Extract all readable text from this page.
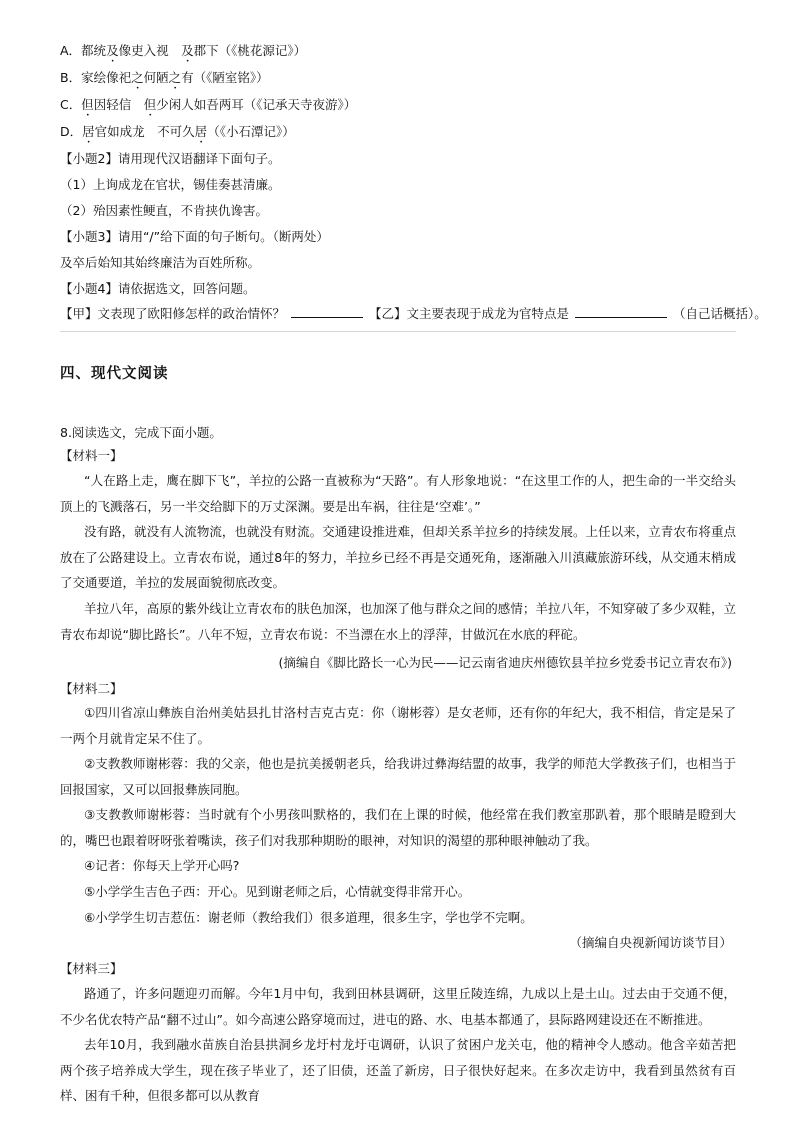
A．都统及像吏入视　及郡下（《桃花源记》）
B．家绘像祀之何陋之有（《陋室铭》）
C．但因轻信　但少闲人如吾两耳（《记承天寺夜游》）
D．居官如成龙　不可久居（《小石潭记》）
【小题2】请用现代汉语翻译下面句子。
（1）上询成龙在官状，锡佳奏甚清廉。
（2）殆因素性鲠直，不肯挟仇谗害。
【小题3】请用“/”给下面的句子断句。（断两处）
及卒后始知其始终廉洁为百姓所称。
【小题4】请依据选文，回答问题。
【甲】文表现了欧阳修怎样的政治情怀？	【乙】文主要表现于成龙为官特点是	（自己话概括）。
四、现代文阅读
8.阅读选文，完成下面小题。
【材料一】
“人在路上走，鹰在脚下飞”，羊拉的公路一直被称为“天路”。有人形象地说：“在这里工作的人，把生命的一半交给头顶上的飞溅落石，另一半交给脚下的万丈深渊。要是出车祸，往往是‘空难’。”
没有路，就没有人流物流，也就没有财流。交通建设推进难，但却关系羊拉乡的持续发展。上任以来，立青农布将重点放在了公路建设上。立青农布说，通过8年的努力，羊拉乡已经不再是交通死角，逐渐融入川滇藏旅游环线，从交通末梢成了交通要道，羊拉的发展面貌彻底改变。
羊拉八年，高原的紫外线让立青农布的肤色加深，也加深了他与群众之间的感情；羊拉八年，不知穿破了多少双鞋，立青农布却说“脚比路长”。八年不短，立青农布说：不当漂在水上的浮萍，甘做沉在水底的秤砣。
(摘编自《脚比路长一心为民——记云南省迪庆州德钦县羊拉乡党委书记立青农布》)
【材料二】
①四川省凉山彝族自治州美姑县扎甘洛村吉克古克：你（谢彬蓉）是女老师，还有你的年纪大，我不相信，肯定是呆了一两个月就肯定呆不住了。
②支教教师谢彬蓉：我的父亲，他也是抗美援朝老兵，给我讲过彝海结盟的故事，我学的师范大学教孩子们，也相当于回报国家，又可以回报彝族同胞。
③支教教师谢彬蓉：当时就有个小男孩叫默格的，我们在上课的时候，他经常在我们教室那趴着，那个眼睛是瞪到大的，嘴巴也跟着呀呀张着嘴读，孩子们对我那种期盼的眼神，对知识的渴望的那种眼神触动了我。
④记者：你每天上学开心吗?
⑤小学学生吉色子西：开心。见到谢老师之后，心情就变得非常开心。
⑥小学学生切吉惹伍：谢老师（教给我们）很多道理，很多生字，学也学不完啊。
（摘编自央视新闻访谈节目）
【材料三】
路通了，许多问题迎刃而解。今年1月中旬，我到田林县调研，这里丘陵连绵，九成以上是土山。过去由于交通不便，不少名优农特产品“翻不过山”。如今高速公路穿境而过，进屯的路、水、电基本都通了，县际路网建设还在不断推进。
去年10月，我到融水苗族自治县拱洞乡龙圩村龙圩屯调研，认识了贫困户龙关屯，他的精神令人感动。他含辛茹苦把两个孩子培养成大学生，现在孩子毕业了，还了旧债，还盖了新房，日子很快好起来。在多次走访中，我看到虽然贫有百样、困有千种，但很多都可以从教育
